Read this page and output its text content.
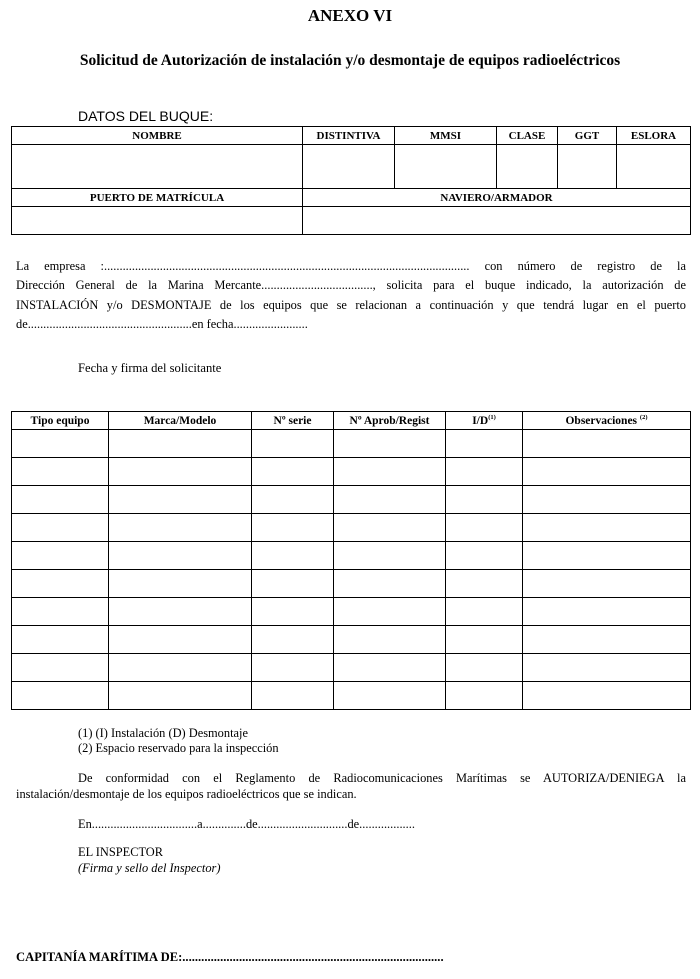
ANEXO VI
Solicitud de Autorización de instalación y/o desmontaje de equipos radioeléctricos
DATOS DEL BUQUE:
NOMBRE	DISTINTIVA	MMSI	CLASE	GGT	ESLORA

PUERTO DE MATRÍCULA	NAVIERO/ARMADOR				

La empresa :...................................................................................................................... con número de registro de la
Dirección General de la Marina Mercante...................................., solicita para el buque indicado, la autorización de
INSTALACIÓN y/o DESMONTAJE de los equipos que se relacionan a continuación y que tendrá lugar en el puerto
de.....................................................en fecha........................
Fecha y firma del solicitante
Tipo equipo	Marca/Modelo	Nº serie	Nº Aprob/Regist	$I/D^{(1)}$	Observaciones $^{(2)}$

(1) (I) Instalación (D) Desmontaje
(2) Espacio reservado para la inspección
De conformidad con el Reglamento de Radiocomunicaciones Marítimas se AUTORIZA/DENIEGA la
instalación/desmontaje de los equipos radioeléctricos que se indican.
En..................................a..............de.............................de..................
EL INSPECTOR
(Firma y sello del Inspector)
CAPITANÍA MARÍTIMA DE:...................................................................................
